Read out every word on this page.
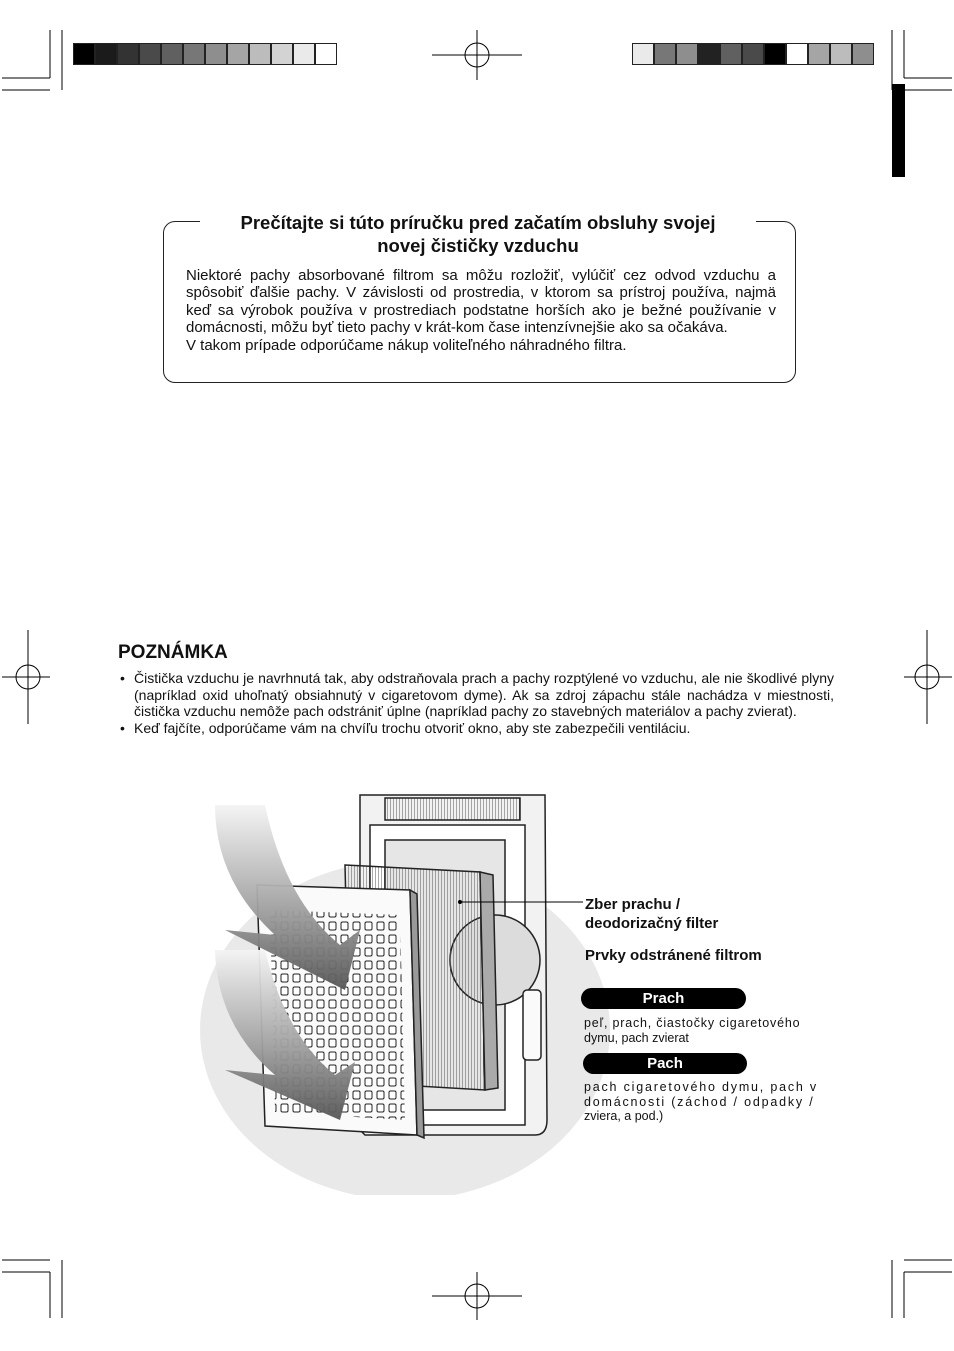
Prečítajte si túto príručku pred začatím obsluhy svojej
novej čističky vzduchu

Niektoré pachy absorbované filtrom sa môžu rozložiť, vylúčiť cez odvod vzduchu a spôsobiť ďalšie pachy. V závislosti od prostredia, v ktorom sa prístroj používa, najmä keď sa výrobok používa v prostrediach podstatne horších ako je bežné používanie v domácnosti, môžu byť tieto pachy v krát-kom čase intenzívnejšie ako sa očakáva.

V takom prípade odporúčame nákup voliteľného náhradného filtra.

POZNÁMKA
• Čistička vzduchu je navrhnutá tak, aby odstraňovala prach a pachy rozptýlené vo vzduchu, ale nie škodlivé plyny (napríklad oxid uhoľnatý obsiahnutý v cigaretovom dyme). Ak sa zdroj zápachu stále nachádza v miestnosti, čistička vzduchu nemôže pach odstrániť úplne (napríklad pachy zo stavebných materiálov a pachy zvierat).
• Keď fajčíte, odporúčame vám na chvíľu trochu otvoriť okno, aby ste zabezpečili ventiláciu.
Zber prachu /
deodorizačný filter
Prvky odstránené filtrom
Prach
peľ, prach, čiastočky cigaretového
dymu, pach zvierat
Pach
pach cigaretového dymu, pach v
domácnosti (záchod / odpadky /
zviera, a pod.)
